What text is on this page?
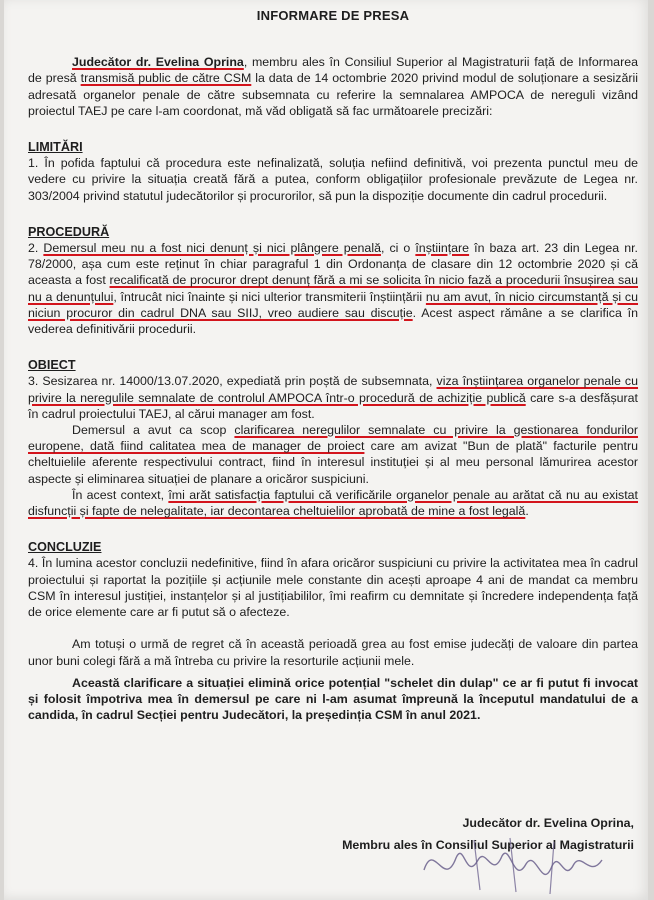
INFORMARE DE PRESA

Judecător dr. Evelina Oprina, membru ales în Consiliul Superior al Magistraturii față de Informarea de presă transmisă public de către CSM la data de 14 octombrie 2020 privind modul de soluționare a sesizării adresată organelor penale de către subsemnata cu referire la semnalarea AMPOCA de nereguli vizând proiectul TAEJ pe care l-am coordonat, mă văd obligată să fac următoarele precizări:

LIMITĂRI

1. În pofida faptului că procedura este nefinalizată, soluția nefiind definitivă, voi prezenta punctul meu de vedere cu privire la situația creată fără a putea, conform obligațiilor profesionale prevăzute de Legea nr. 303/2004 privind statutul judecătorilor și procurorilor, să pun la dispoziție documente din cadrul procedurii.

PROCEDURĂ

2. Demersul meu nu a fost nici denunț și nici plângere penală, ci o înștiințare în baza art. 23 din Legea nr. 78/2000, așa cum este reținut în chiar paragraful 1 din Ordonanța de clasare din 12 octombrie 2020 și că aceasta a fost recalificată de procuror drept denunț fără a mi se solicita în nicio fază a procedurii însușirea sau nu a denunțului, întrucât nici înainte și nici ulterior transmiterii înștiințării nu am avut, în nicio circumstanță și cu niciun procuror din cadrul DNA sau SIIJ, vreo audiere sau discuție. Acest aspect rămâne a se clarifica în vederea definitivării procedurii.

OBIECT

3. Sesizarea nr. 14000/13.07.2020, expediată prin poștă de subsemnata, viza înștiințarea organelor penale cu privire la neregulile semnalate de controlul AMPOCA într-o procedură de achiziție publică care s-a desfășurat în cadrul proiectului TAEJ, al cărui manager am fost.

Demersul a avut ca scop clarificarea neregulilor semnalate cu privire la gestionarea fondurilor europene, dată fiind calitatea mea de manager de proiect care am avizat "Bun de plată" facturile pentru cheltuielile aferente respectivului contract, fiind în interesul instituției și al meu personal lămurirea acestor aspecte și eliminarea situației de planare a oricăror suspiciuni.

În acest context, îmi arăt satisfacția faptului că verificările organelor penale au arătat că nu au existat disfuncții și fapte de nelegalitate, iar decontarea cheltuielilor aprobată de mine a fost legală.

CONCLUZIE

4. În lumina acestor concluzii nedefinitive, fiind în afara oricăror suspiciuni cu privire la activitatea mea în cadrul proiectului și raportat la pozițiile și acțiunile mele constante din acești aproape 4 ani de mandat ca membru CSM în interesul justiției, instanțelor și al justițiabililor, îmi reafirm cu demnitate și încredere independența față de orice elemente care ar fi putut să o afecteze.

Am totuși o urmă de regret că în această perioadă grea au fost emise judecăți de valoare din partea unor buni colegi fără a mă întreba cu privire la resorturile acțiunii mele.

Această clarificare a situației elimină orice potențial "schelet din dulap" ce ar fi putut fi invocat și folosit împotriva mea în demersul pe care ni l-am asumat împreună la începutul mandatului de a candida, în cadrul Secției pentru Judecători, la președinția CSM în anul 2021.

Judecător dr. Evelina Oprina,
Membru ales în Consiliul Superior al Magistraturii
